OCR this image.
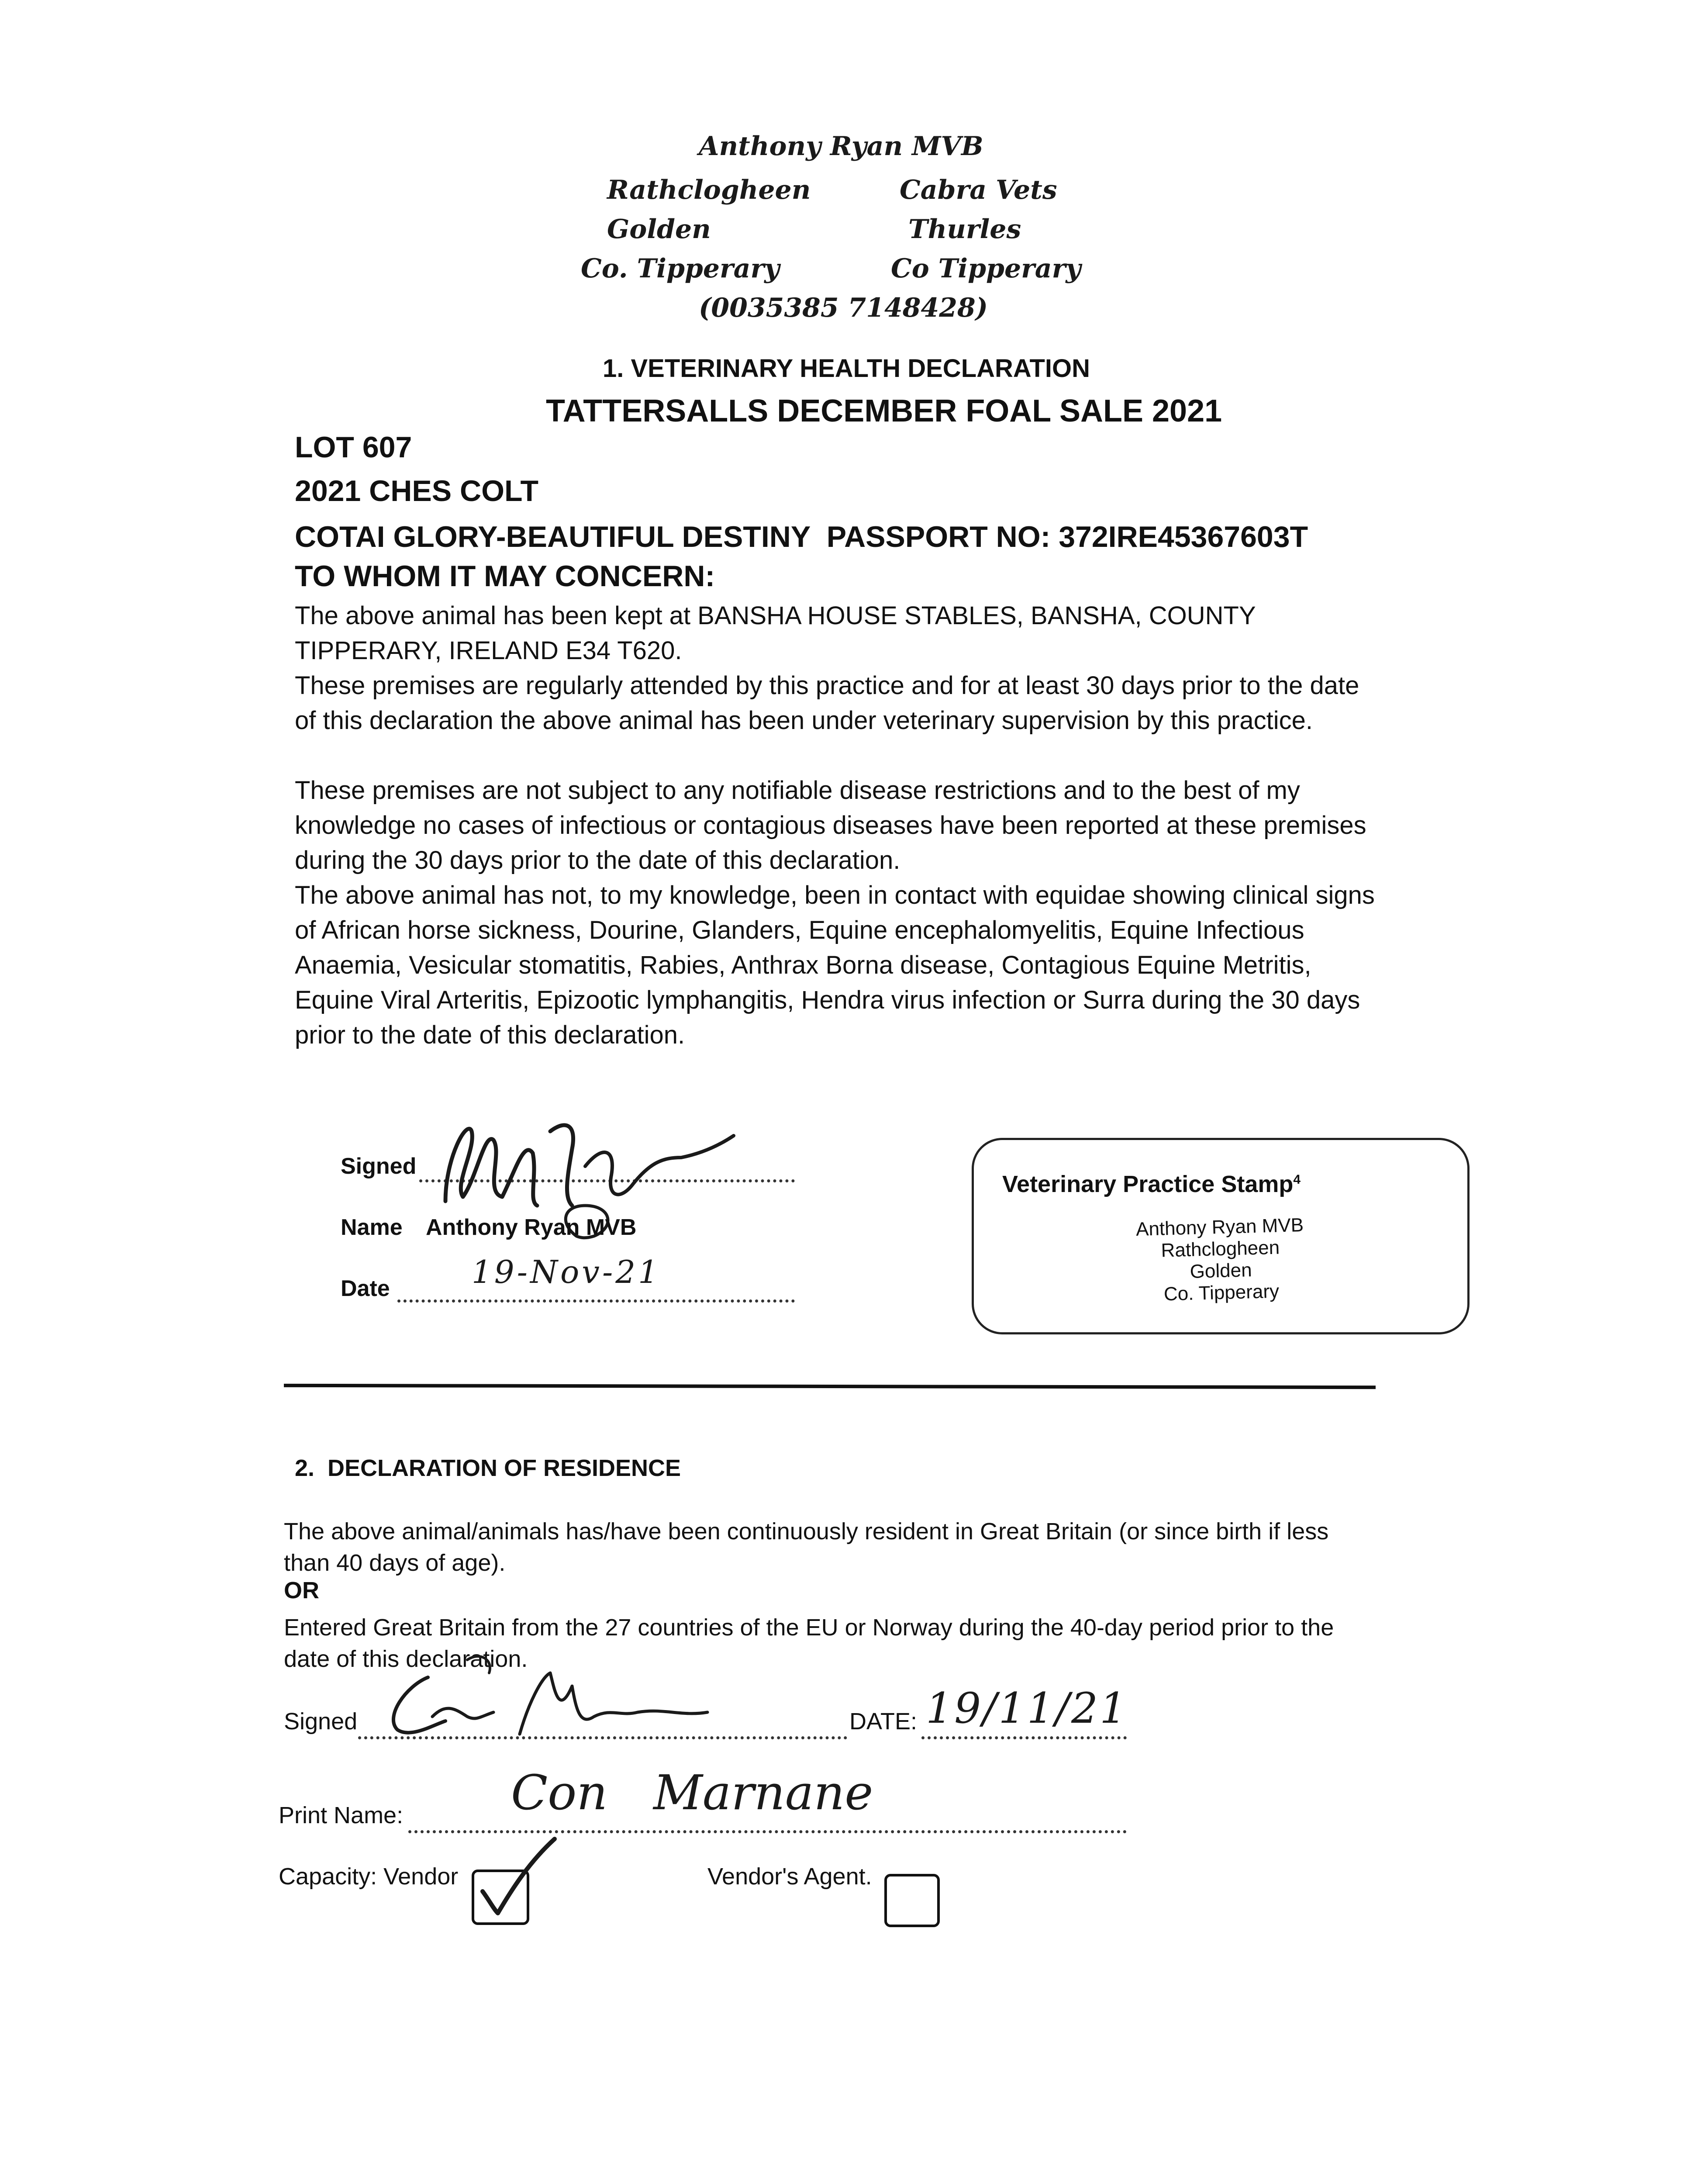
Anthony Ryan MVB
Rathclogheen	Cabra Vets
Golden	Thurles
Co. Tipperary	Co Tipperary
(0035385 7148428)
1. VETERINARY HEALTH DECLARATION
TATTERSALLS DECEMBER FOAL SALE 2021
LOT 607
2021 CHES COLT
COTAI GLORY-BEAUTIFUL DESTINY  PASSPORT NO: 372IRE45367603T
TO WHOM IT MAY CONCERN:
The above animal has been kept at BANSHA HOUSE STABLES, BANSHA, COUNTY TIPPERARY, IRELAND E34 T620.
These premises are regularly attended by this practice and for at least 30 days prior to the date of this declaration the above animal has been under veterinary supervision by this practice.
These premises are not subject to any notifiable disease restrictions and to the best of my knowledge no cases of infectious or contagious diseases have been reported at these premises during the 30 days prior to the date of this declaration.
The above animal has not, to my knowledge, been in contact with equidae showing clinical signs of African horse sickness, Dourine, Glanders, Equine encephalomyelitis, Equine Infectious Anaemia, Vesicular stomatitis, Rabies, Anthrax Borna disease, Contagious Equine Metritis, Equine Viral Arteritis, Epizootic lymphangitis, Hendra virus infection or Surra during the 30 days prior to the date of this declaration.
Signed
Name Anthony Ryan MVB
Date	19-Nov-21
Veterinary Practice Stamp$^4$
Anthony Ryan MVB
Rathclogheen
Golden
Co. Tipperary
2.  DECLARATION OF RESIDENCE
The above animal/animals has/have been continuously resident in Great Britain (or since birth if less than 40 days of age).
OR
Entered Great Britain from the 27 countries of the EU or Norway during the 40-day period prior to the date of this declaration.
Signed	DATE: 19/11/21
Print Name: Con   Marnane
Capacity: Vendor	Vendor's Agent.
